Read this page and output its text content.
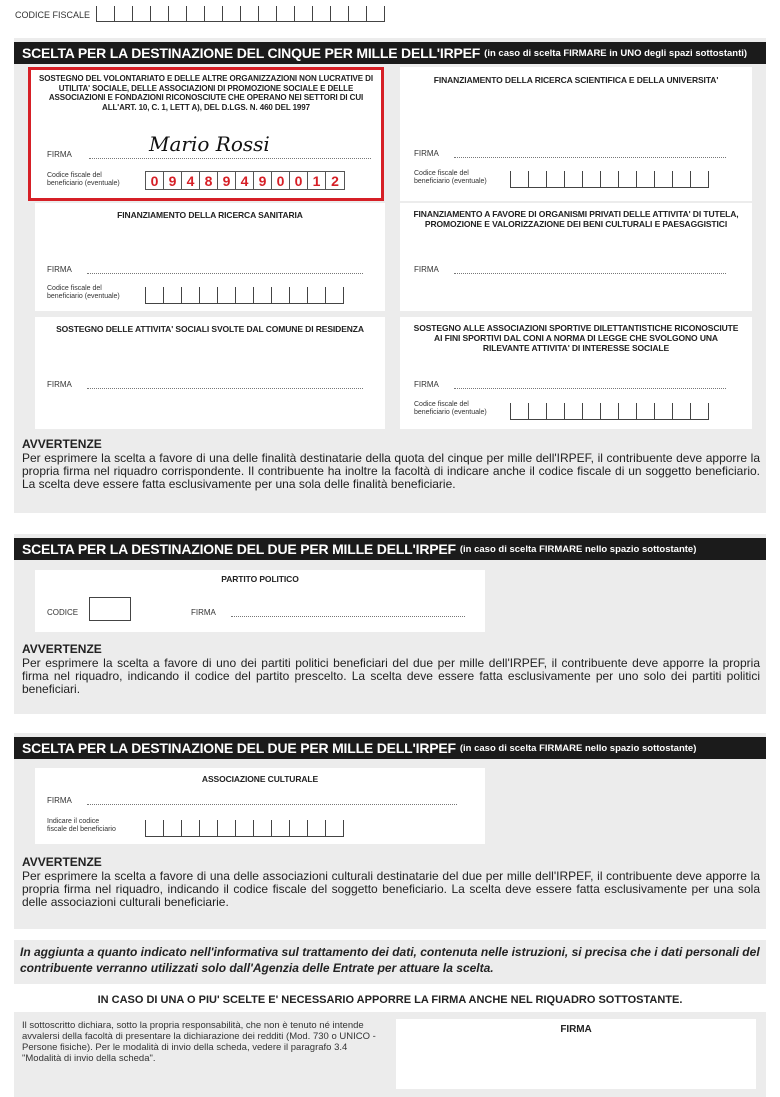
CODICE FISCALE
SCELTA PER LA DESTINAZIONE DEL CINQUE PER MILLE DELL'IRPEF (in caso di scelta FIRMARE in UNO degli spazi sottostanti)
SOSTEGNO DEL VOLONTARIATO E DELLE ALTRE ORGANIZZAZIONI NON LUCRATIVE DI UTILITA' SOCIALE, DELLE ASSOCIAZIONI DI PROMOZIONE SOCIALE E DELLE ASSOCIAZIONI E FONDAZIONI RICONOSCIUTE CHE OPERANO NEI SETTORI DI CUI ALL'ART. 10, C. 1, LETT A), DEL D.LGS. N. 460 DEL 1997
FIRMA	Mario Rossi
Codice fiscale del
beneficiario (eventuale)	0 9 4 8 9 4 9 0 0 1 2
FINANZIAMENTO DELLA RICERCA SCIENTIFICA E DELLA UNIVERSITA'
FIRMA
Codice fiscale del
beneficiario (eventuale)
FINANZIAMENTO DELLA RICERCA SANITARIA
FIRMA
Codice fiscale del
beneficiario (eventuale)
FINANZIAMENTO A FAVORE DI ORGANISMI PRIVATI DELLE ATTIVITA' DI TUTELA, PROMOZIONE E VALORIZZAZIONE DEI BENI CULTURALI E PAESAGGISTICI
FIRMA
SOSTEGNO DELLE ATTIVITA' SOCIALI SVOLTE DAL COMUNE DI RESIDENZA
FIRMA
SOSTEGNO ALLE ASSOCIAZIONI SPORTIVE DILETTANTISTICHE RICONOSCIUTE AI FINI SPORTIVI DAL CONI A NORMA DI LEGGE CHE SVOLGONO UNA RILEVANTE ATTIVITA' DI INTERESSE SOCIALE
FIRMA
Codice fiscale del
beneficiario (eventuale)
AVVERTENZE
Per esprimere la scelta a favore di una delle finalità destinatarie della quota del cinque per mille dell'IRPEF, il contribuente deve apporre la propria firma nel riquadro corrispondente. Il contribuente ha inoltre la facoltà di indicare anche il codice fiscale di un soggetto beneficiario. La scelta deve essere fatta esclusivamente per una sola delle finalità beneficiarie.
SCELTA PER LA DESTINAZIONE DEL DUE PER MILLE DELL'IRPEF (in caso di scelta FIRMARE nello spazio sottostante)
PARTITO POLITICO
CODICE	FIRMA
AVVERTENZE
Per esprimere la scelta a favore di uno dei partiti politici beneficiari del due per mille dell'IRPEF, il contribuente deve apporre la propria firma nel riquadro, indicando il codice del partito prescelto. La scelta deve essere fatta esclusivamente per uno solo dei partiti politici beneficiari.
SCELTA PER LA DESTINAZIONE DEL DUE PER MILLE DELL'IRPEF (in caso di scelta FIRMARE nello spazio sottostante)
ASSOCIAZIONE CULTURALE
FIRMA
Indicare il codice
fiscale del beneficiario
AVVERTENZE
Per esprimere la scelta a favore di una delle associazioni culturali destinatarie del due per mille dell'IRPEF, il contribuente deve apporre la propria firma nel riquadro, indicando il codice fiscale del soggetto beneficiario. La scelta deve essere fatta esclusivamente per una sola delle associazioni culturali beneficiarie.
In aggiunta a quanto indicato nell'informativa sul trattamento dei dati, contenuta nelle istruzioni, si precisa che i dati personali del contribuente verranno utilizzati solo dall'Agenzia delle Entrate per attuare la scelta.
IN CASO DI UNA O PIU' SCELTE E' NECESSARIO APPORRE LA FIRMA ANCHE NEL RIQUADRO SOTTOSTANTE.
Il sottoscritto dichiara, sotto la propria responsabilità, che non è tenuto né intende avvalersi della facoltà di presentare la dichiarazione dei redditi (Mod. 730 o UNICO - Persone fisiche). Per le modalità di invio della scheda, vedere il paragrafo 3.4 "Modalità di invio della scheda".
FIRMA
